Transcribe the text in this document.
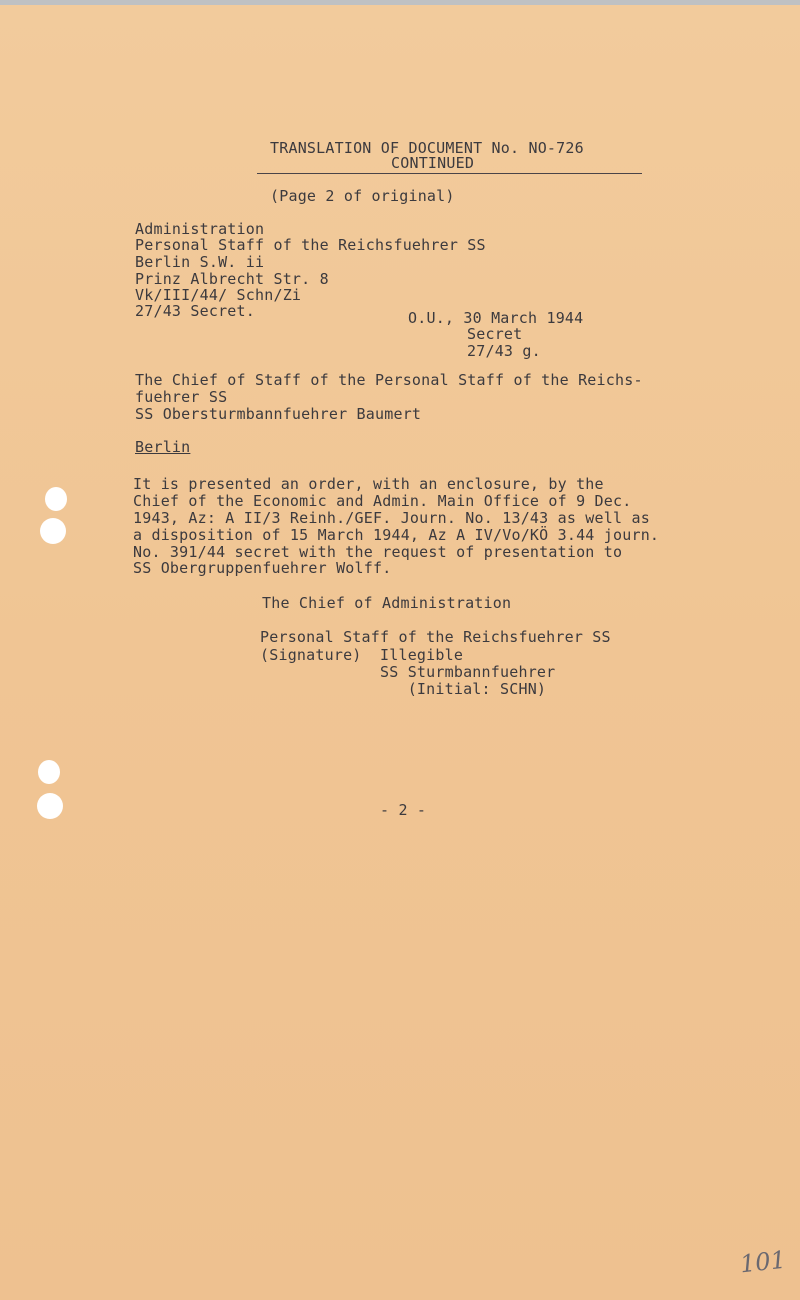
TRANSLATION OF DOCUMENT No. NO-726
CONTINUED
(Page 2 of original)
Administration
Personal Staff of the Reichsfuehrer SS
Berlin S.W. ii
Prinz Albrecht Str. 8
Vk/III/44/ Schn/Zi
27/43 Secret.	O.U., 30 March 1944
Secret
27/43 g.
The Chief of Staff of the Personal Staff of the Reichs-
fuehrer SS
SS Obersturmbannfuehrer Baumert
Berlin
It is presented an order, with an enclosure, by the
Chief of the Economic and Admin. Main Office of 9 Dec.
1943, Az: A II/3 Reinh./GEF. Journ. No. 13/43 as well as
a disposition of 15 March 1944, Az A IV/Vo/KÖ 3.44 journ.
No. 391/44 secret with the request of presentation to
SS Obergruppenfuehrer Wolff.
The Chief of Administration
Personal Staff of the Reichsfuehrer SS
(Signature)  Illegible
SS Sturmbannfuehrer
(Initial: SCHN)
- 2 -
101
